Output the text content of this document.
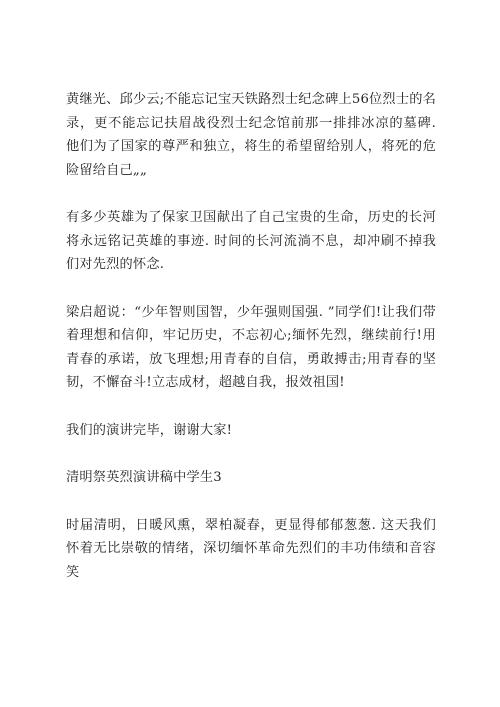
黄继光、邱少云;不能忘记宝天铁路烈士纪念碑上56位烈士的名录，更不能忘记扶眉战役烈士纪念馆前那一排排冰凉的墓碑. 他们为了国家的尊严和独立，将生的希望留给别人，将死的危险留给自己„„

有多少英雄为了保家卫国献出了自己宝贵的生命，历史的长河将永远铭记英雄的事迹. 时间的长河流淌不息，却冲刷不掉我们对先烈的怀念.

梁启超说：“少年智则国智，少年强则国强. ”同学们!让我们带着理想和信仰，牢记历史，不忘初心;缅怀先烈，继续前行!用青春的承诺，放飞理想;用青春的自信，勇敢搏击;用青春的坚韧，不懈奋斗!立志成材，超越自我，报效祖国!

我们的演讲完毕，谢谢大家!

清明祭英烈演讲稿中学生3

时届清明，日暖风熏，翠柏凝春，更显得郁郁葱葱. 这天我们怀着无比崇敬的情绪，深切缅怀革命先烈们的丰功伟绩和音容笑
